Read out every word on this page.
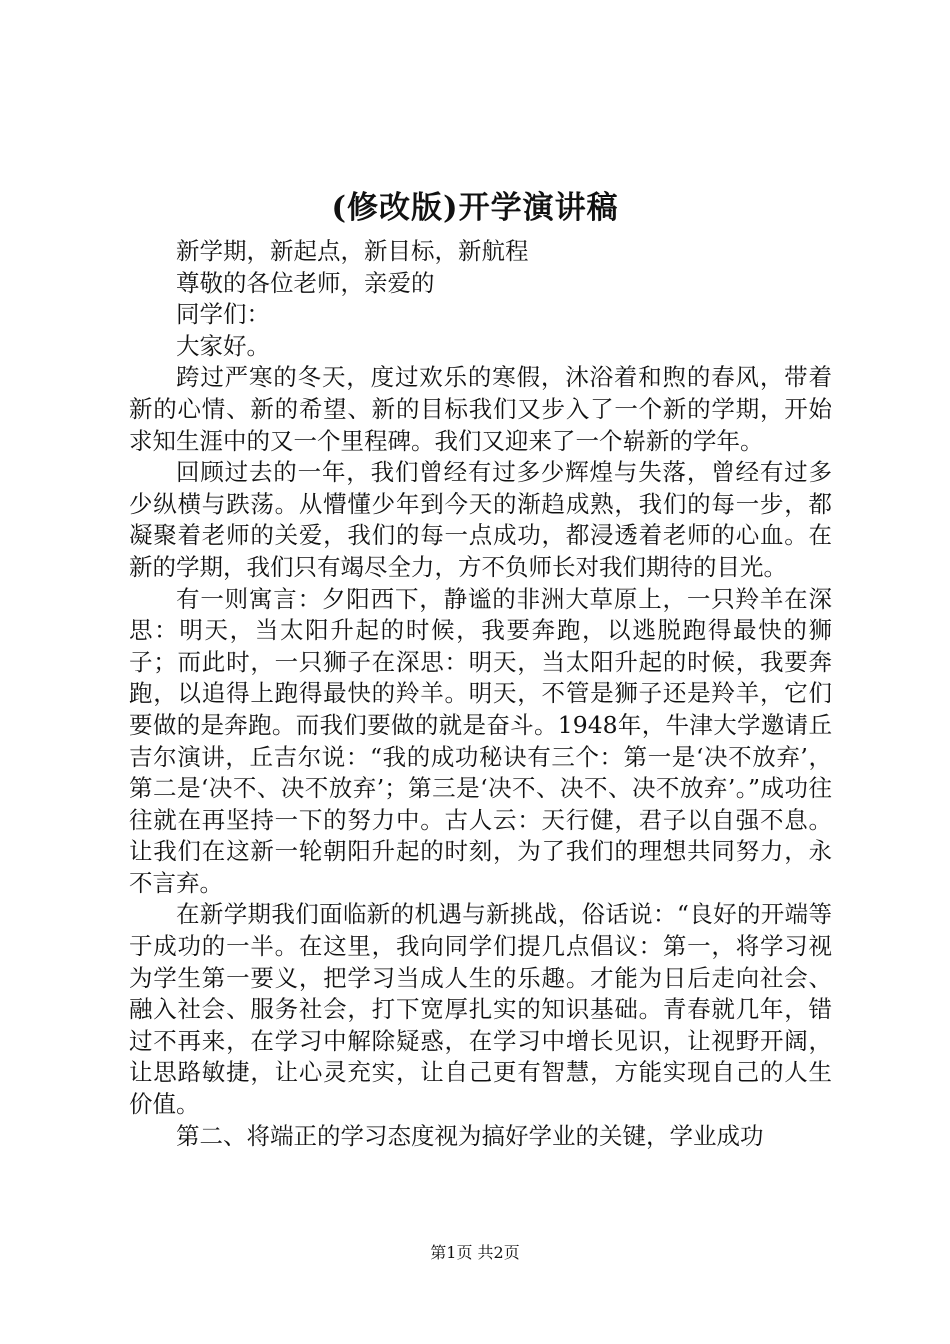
(修改版)开学演讲稿

新学期，新起点，新目标，新航程

尊敬的各位老师，亲爱的

同学们：

大家好。

跨过严寒的冬天，度过欢乐的寒假，沐浴着和煦的春风，带着新的心情、新的希望、新的目标我们又步入了一个新的学期，开始求知生涯中的又一个里程碑。我们又迎来了一个崭新的学年。

回顾过去的一年，我们曾经有过多少辉煌与失落，曾经有过多少纵横与跌荡。从懵懂少年到今天的渐趋成熟，我们的每一步，都凝聚着老师的关爱，我们的每一点成功，都浸透着老师的心血。在新的学期，我们只有竭尽全力，方不负师长对我们期待的目光。

有一则寓言：夕阳西下，静谧的非洲大草原上，一只羚羊在深思：明天，当太阳升起的时候，我要奔跑，以逃脱跑得最快的狮子；而此时，一只狮子在深思：明天，当太阳升起的时候，我要奔跑，以追得上跑得最快的羚羊。明天，不管是狮子还是羚羊，它们要做的是奔跑。而我们要做的就是奋斗。1948年，牛津大学邀请丘吉尔演讲，丘吉尔说：“我的成功秘诀有三个：第一是‘决不放弃’，第二是‘决不、决不放弃’；第三是‘决不、决不、决不放弃’。”成功往往就在再坚持一下的努力中。古人云：天行健，君子以自强不息。让我们在这新一轮朝阳升起的时刻，为了我们的理想共同努力，永不言弃。

在新学期我们面临新的机遇与新挑战，俗话说：“良好的开端等于成功的一半。在这里，我向同学们提几点倡议：第一，将学习视为学生第一要义，把学习当成人生的乐趣。才能为日后走向社会、融入社会、服务社会，打下宽厚扎实的知识基础。青春就几年，错过不再来，在学习中解除疑惑，在学习中增长见识，让视野开阔，让思路敏捷，让心灵充实，让自己更有智慧，方能实现自己的人生价值。

第二、将端正的学习态度视为搞好学业的关键，学业成功

第1页 共2页
